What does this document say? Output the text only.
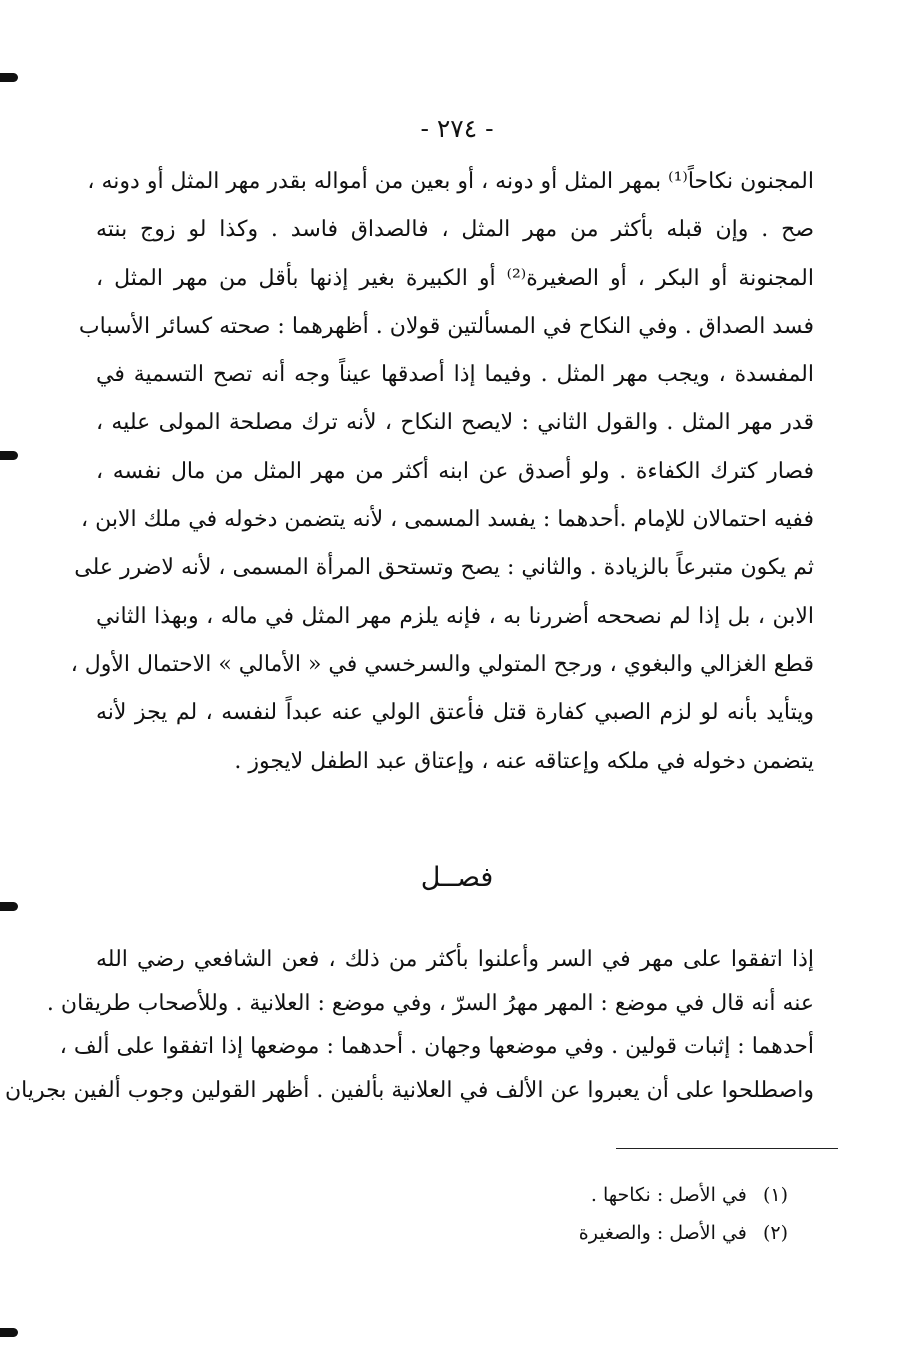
- ٢٧٤ -
المجنون نكاحاً⁽¹⁾ بمهر المثل أو دونه ، أو بعين من أمواله بقدر مهر المثل أو دونه ،
صح . وإن قبله بأكثر من مهر المثل ، فالصداق فاسد . وكذا لو زوج بنته
المجنونة أو البكر ، أو الصغيرة⁽²⁾ أو الكبيرة بغير إذنها بأقل من مهر المثل ،
فسد الصداق . وفي النكاح في المسألتين قولان . أظهرهما : صحته كسائر الأسباب
المفسدة ، ويجب مهر المثل . وفيما إذا أصدقها عيناً وجه أنه تصح التسمية في
قدر مهر المثل . والقول الثاني : لايصح النكاح ، لأنه ترك مصلحة المولى عليه ،
فصار كترك الكفاءة . ولو أصدق عن ابنه أكثر من مهر المثل من مال نفسه ،
ففيه احتمالان للإمام .أحدهما : يفسد المسمى ، لأنه يتضمن دخوله في ملك الابن ،
ثم يكون متبرعاً بالزيادة . والثاني : يصح وتستحق المرأة المسمى ، لأنه لاضرر على
الابن ، بل إذا لم نصححه أضررنا به ، فإنه يلزم مهر المثل في ماله ، وبهذا الثاني
قطع الغزالي والبغوي ، ورجح المتولي والسرخسي في « الأمالي » الاحتمال الأول ،
ويتأيد بأنه لو لزم الصبي كفارة قتل فأعتق الولي عنه عبداً لنفسه ، لم يجز لأنه
يتضمن دخوله في ملكه وإعتاقه عنه ، وإعتاق عبد الطفل لايجوز .
فصــل
إذا اتفقوا على مهر في السر وأعلنوا بأكثر من ذلك ، فعن الشافعي رضي الله
عنه أنه قال في موضع : المهر مهرُ السرّ ، وفي موضع : العلانية . وللأصحاب طريقان .
أحدهما : إثبات قولين . وفي موضعها وجهان . أحدهما : موضعها إذا اتفقوا على ألف ،
واصطلحوا على أن يعبروا عن الألف في العلانية بألفين . أظهر القولين وجوب ألفين بجريان
(١) في الأصل : نكاحها .
(٢) في الأصل : والصغيرة
